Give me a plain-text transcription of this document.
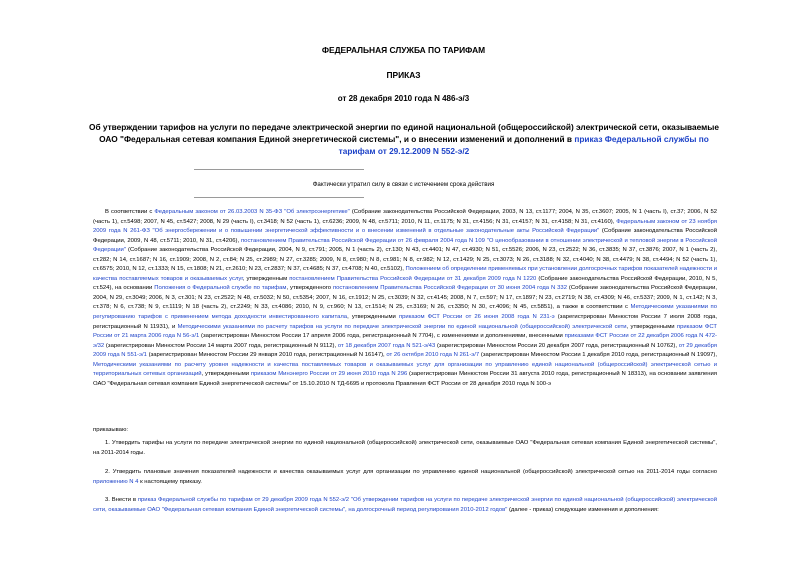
ФЕДЕРАЛЬНАЯ СЛУЖБА ПО ТАРИФАМ
ПРИКАЗ
от 28 декабря 2010 года N 486-э/3
Об утверждении тарифов на услуги по передаче электрической энергии по единой национальной (общероссийской) электрической сети, оказываемые ОАО "Федеральная сетевая компания Единой энергетической системы", и о внесении изменений и дополнений в приказ Федеральной службы по тарифам от 29.12.2009 N 552-э/2
Фактически утратил силу в связи с истечением срока действия
В соответствии с Федеральным законом от 26.03.2003 N 35-ФЗ "Об электроэнергетике" (Собрание законодательства Российской Федерации, 2003, N 13, ст.1177; 2004, N 35, ст.3607; 2005, N 1 (часть I), ст.37; 2006, N 52 (часть 1), ст.5498; 2007, N 45, ст.5427; 2008, N 29 (часть I), ст.3418; N 52 (часть 1), ст.6236; 2009, N 48, ст.5711; 2010, N 11, ст.1175; N 31, ст.4156; N 31, ст.4157; N 31, ст.4158; N 31, ст.4160), Федеральным законом от 23 ноября 2009 года N 261-ФЗ "Об энергосбережении и о повышении энергетической эффективности и о внесении изменений в отдельные законодательные акты Российской Федерации" (Собрание законодательства Российской Федерации, 2009, N 48, ст.5711; 2010, N 31, ст.4206), постановлением Правительства Российской Федерации от 26 февраля 2004 года N 109 "О ценообразовании в отношении электрической и тепловой энергии в Российской Федерации" (Собрание законодательства Российской Федерации, 2004, N 9, ст.791; 2005, N 1 (часть 2), ст.130; N 43, ст.4401; N 47, ст.4930; N 51, ст.5526; 2006, N 23, ст.2522; N 36, ст.3835; N 37, ст.3876; 2007, N 1 (часть 2), ст.282; N 14, ст.1687; N 16, ст.1909; 2008, N 2, ст.84; N 25, ст.2989; N 27, ст.3285; 2009, N 8, ст.980; N 8, ст.981; N 8, ст.982; N 12, ст.1429; N 25, ст.3073; N 26, ст.3188; N 32, ст.4040; N 38, ст.4479; N 38, ст.4494; N 52 (часть 1), ст.6575; 2010, N 12, ст.1333; N 15, ст.1808; N 21, ст.2610; N 23, ст.2837; N 37, ст.4685; N 37, ст.4708; N 40, ст.5102), Положением об определении применяемых при установлении долгосрочных тарифов показателей надежности и качества поставляемых товаров и оказываемых услуг, утвержденным постановлением Правительства Российской Федерации от 31 декабря 2009 года N 1220 (Собрание законодательства Российской Федерации, 2010, N 5, ст.524), на основании Положения о Федеральной службе по тарифам, утвержденного постановлением Правительства Российской Федерации от 30 июня 2004 года N 332 (Собрание законодательства Российской Федерации, 2004, N 29, ст.3049; 2006, N 3, ст.301; N 23, ст.2522; N 48, ст.5032; N 50, ст.5354; 2007, N 16, ст.1912; N 25, ст.3039; N 32, ст.4145; 2008, N 7, ст.597; N 17, ст.1897; N 23, ст.2719; N 38, ст.4309; N 46, ст.5337; 2009, N 1, ст.142; N 3, ст.378; N 6, ст.738; N 9, ст.1119; N 18 (часть 2), ст.2249; N 33, ст.4086; 2010, N 9, ст.960; N 13, ст.1514; N 25, ст.3169; N 26, ст.3350; N 30, ст.4096; N 45, ст.5851), а также в соответствии с Методическими указаниями по регулированию тарифов с применением метода доходности инвестированного капитала, утвержденными приказом ФСТ России от 26 июня 2008 года N 231-э (зарегистрирован Минюстом России 7 июля 2008 года, регистрационный N 11931), и Методическими указаниями по расчету тарифов на услуги по передаче электрической энергии по единой национальной (общероссийской) электрической сети, утвержденными приказом ФСТ России от 21 марта 2006 года N 56-э/1 (зарегистрирован Минюстом России 17 апреля 2006 года, регистрационный N 7704), с изменениями и дополнениями, внесенными приказами ФСТ России от 22 декабря 2006 года N 472-э/32 (зарегистрирован Минюстом России 14 марта 2007 года, регистрационный N 9112), от 18 декабря 2007 года N 521-э/43 (зарегистрирован Минюстом России 20 декабря 2007 года, регистрационный N 10762), от 29 декабря 2009 года N 551-э/1 (зарегистрирован Минюстом России 29 января 2010 года, регистрационный N 16147), от 26 октября 2010 года N 261-э/7 (зарегистрирован Минюстом России 1 декабря 2010 года, регистрационный N 19097), Методическими указаниями по расчету уровня надежности и качества поставляемых товаров и оказываемых услуг для организации по управлению единой национальной (общероссийской) электрической сетью и территориальных сетевых организаций, утвержденными приказом Минэнерго России от 29 июня 2010 года N 296 (зарегистрирован Минюстом России 31 августа 2010 года, регистрационный N 18313), на основании заявления ОАО "Федеральная сетевая компания Единой энергетической системы" от 15.10.2010 N ТД-6695 и протокола Правления ФСТ России от 28 декабря 2010 года N 100-э
приказываю:
1. Утвердить тарифы на услуги по передаче электрической энергии по единой национальной (общероссийской) электрической сети, оказываемые ОАО "Федеральная сетевая компания Единой энергетической системы", на 2011-2014 годы.
2. Утвердить плановые значения показателей надежности и качества оказываемых услуг для организации по управлению единой национальной (общероссийской) электрической сетью на 2011-2014 годы согласно приложению N 4 к настоящему приказу.
3. Внести в приказ Федеральной службы по тарифам от 29 декабря 2009 года N 552-э/2 "Об утверждении тарифов на услуги по передаче электрической энергии по единой национальной (общероссийской) электрической сети, оказываемые ОАО "Федеральная сетевая компания Единой энергетической системы", на долгосрочный период регулирования 2010-2012 годов" (далее - приказ) следующие изменения и дополнения:
